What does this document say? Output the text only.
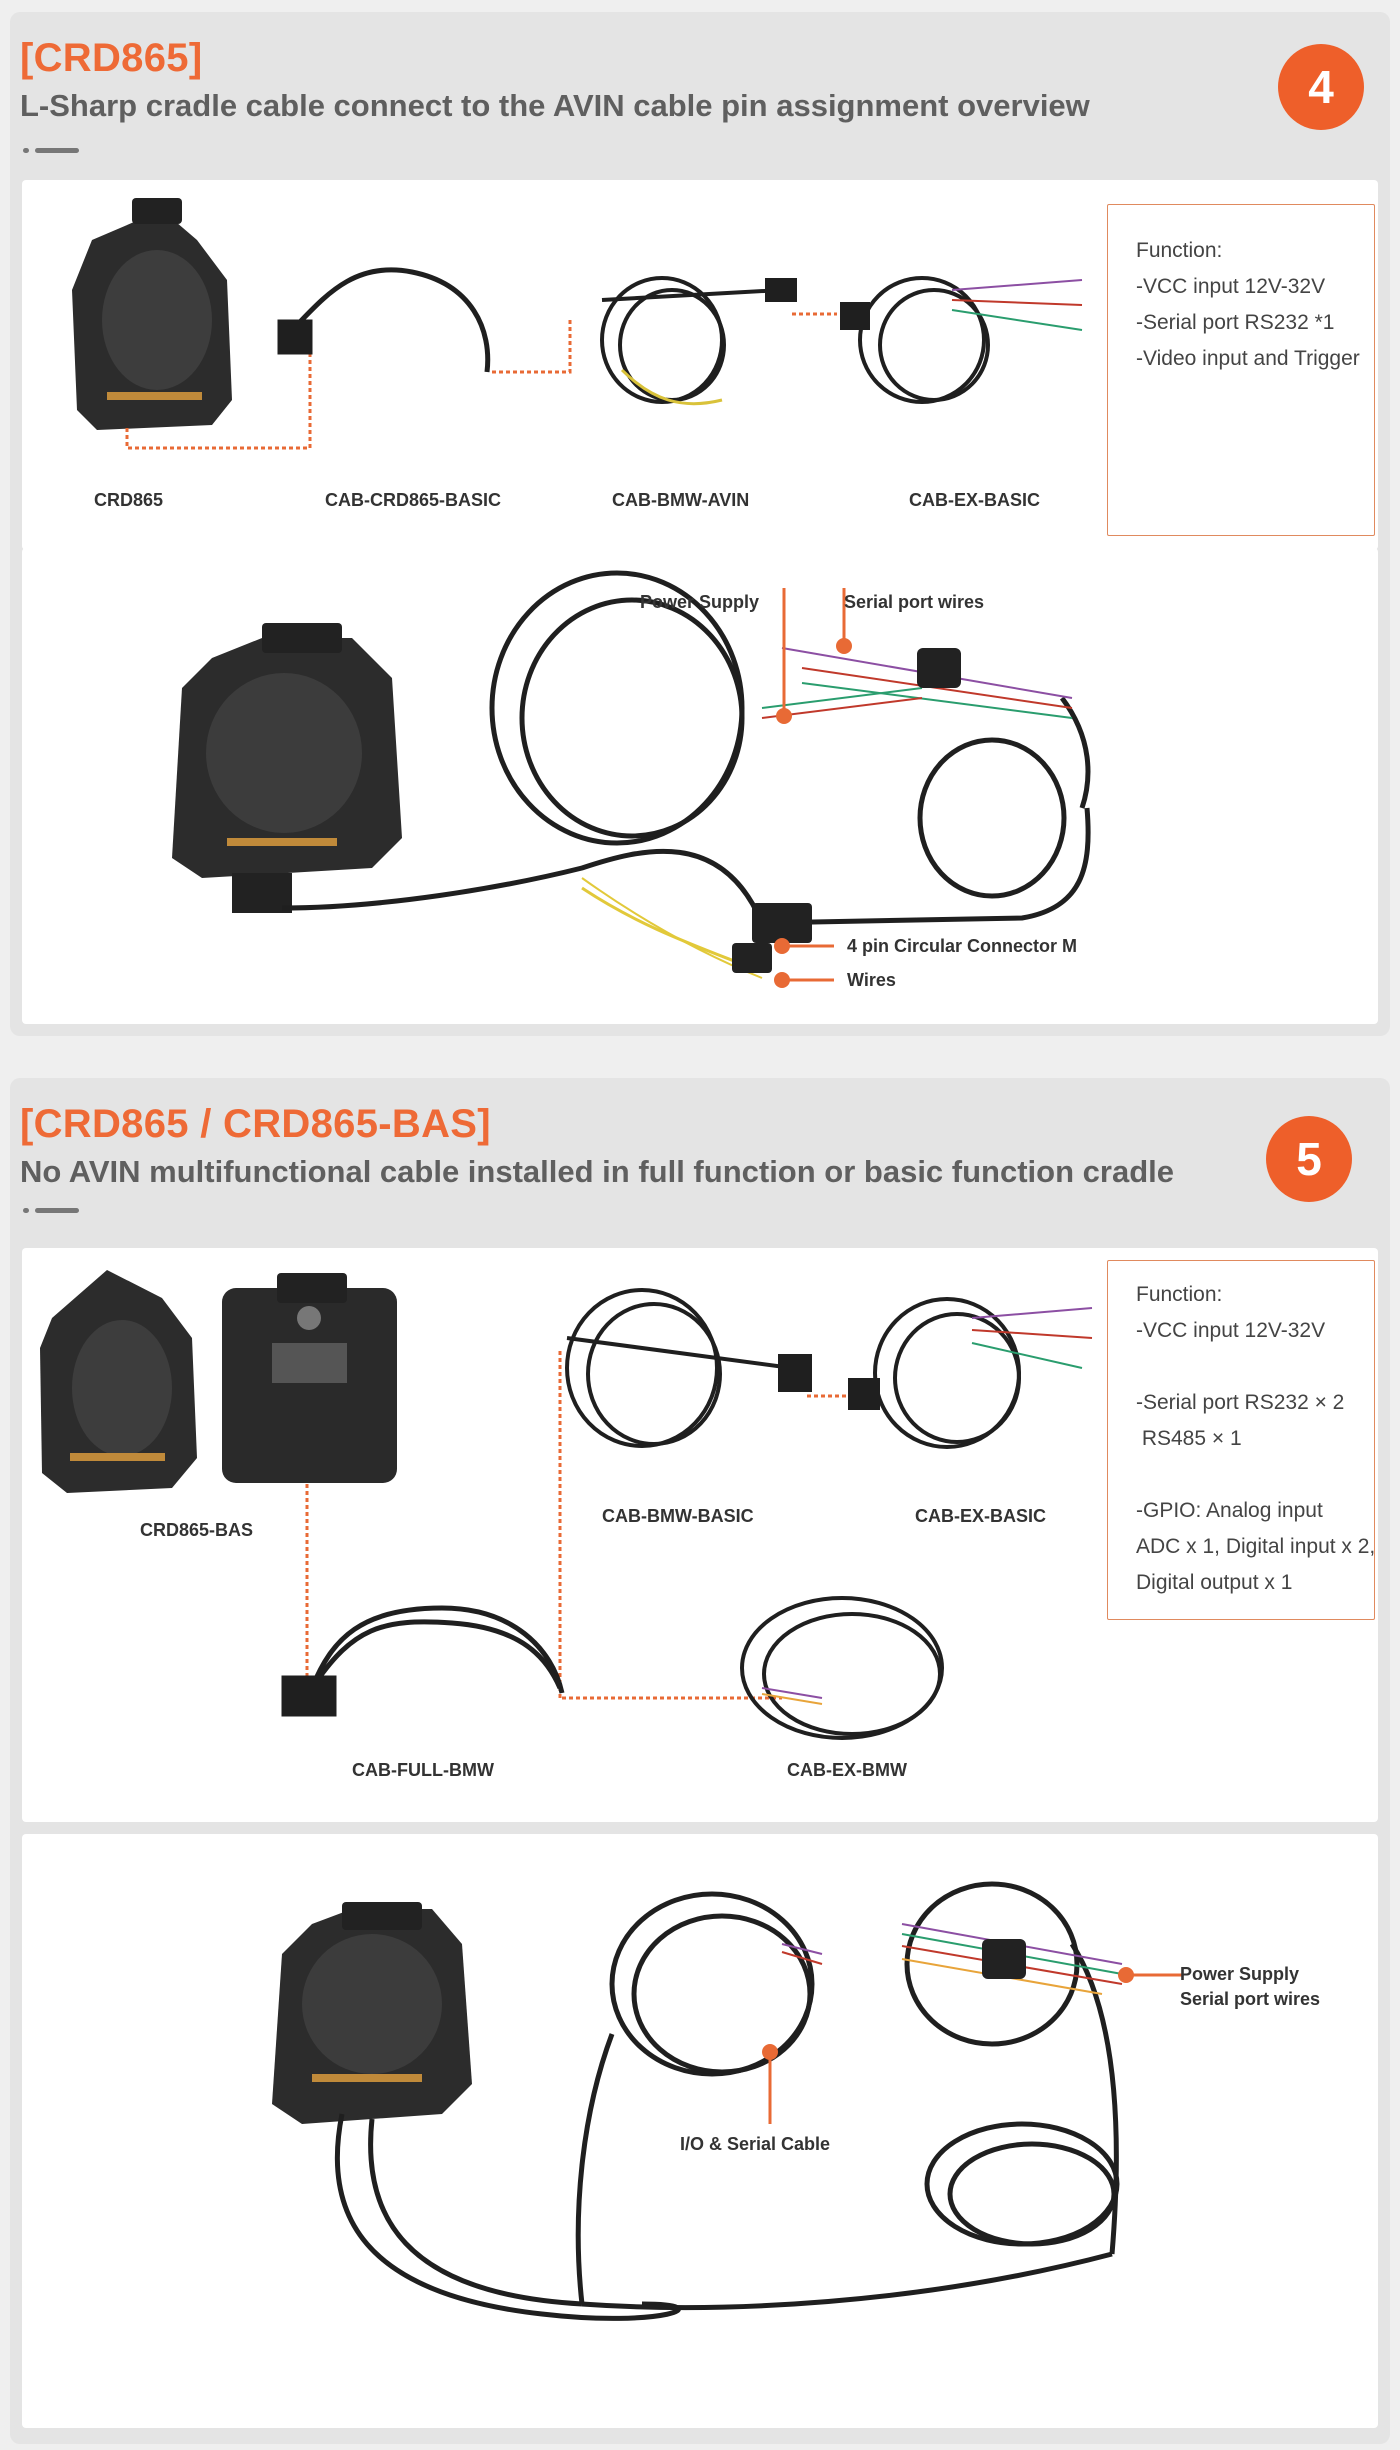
[CRD865]
L-Sharp cradle cable connect to the AVIN cable pin assignment overview	4
CRD865	CAB-CRD865-BASIC	CAB-BMW-AVIN	CAB-EX-BASIC
Function:
-VCC input 12V-32V
-Serial port RS232 *1
-Video input and Trigger
Power Supply	Serial port wires
4 pin Circular Connector M
Wires
[CRD865 / CRD865-BAS]
No AVIN multifunctional cable installed in full function or basic function cradle	5
CRD865-BAS
CAB-BMW-BASIC	CAB-EX-BASIC
CAB-FULL-BMW	CAB-EX-BMW
Function:
-VCC input 12V-32V
-Serial port RS232 × 2
RS485 × 1
-GPIO: Analog input
ADC x 1, Digital input x 2,
Digital output x 1
Power Supply
Serial port wires
I/O & Serial Cable
